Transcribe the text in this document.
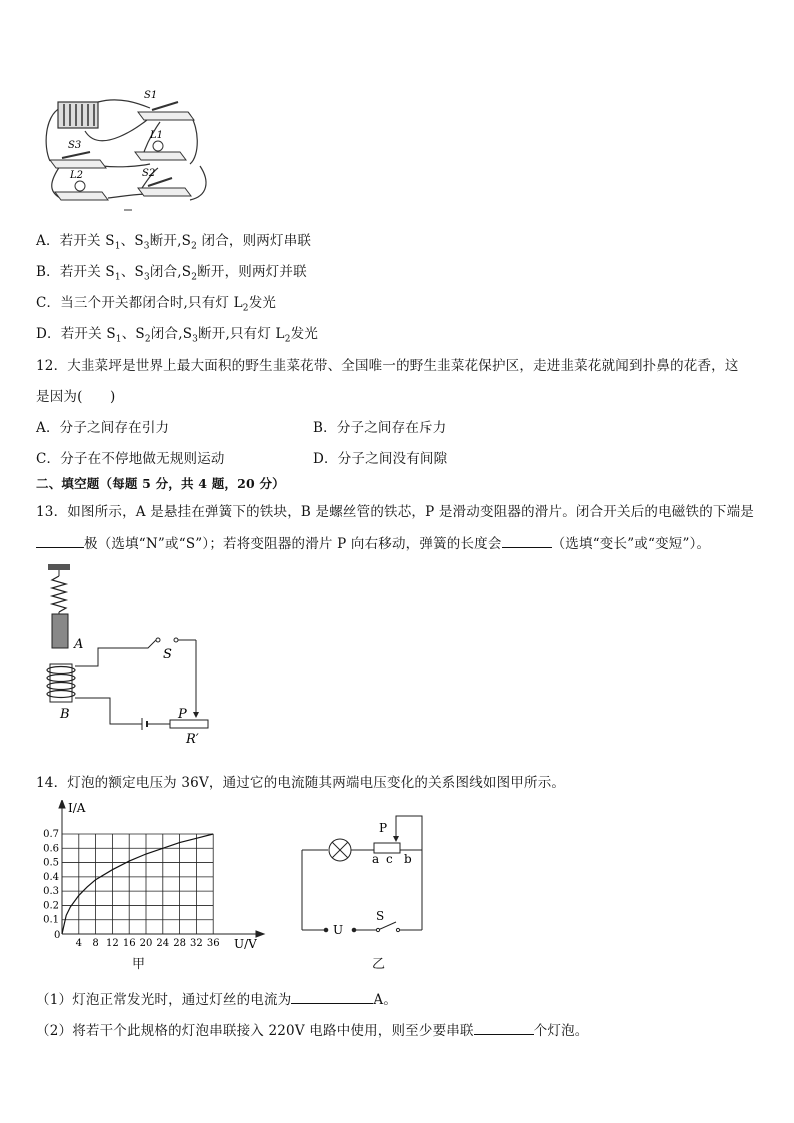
S1
L1
S3
L2	S2
A．若开关 $S_1$、$S_3$断开$,S_2$ 闭合，则两灯串联
B．若开关 $S_1$、$S_3$闭合$,S_2$断开，则两灯并联
C．当三个开关都闭合时,只有灯 $L_2$发光
D．若开关 $S_1$、$S_2$闭合$,S_3$断开,只有灯 $L_2$发光
12．大韭菜坪是世界上最大面积的野生韭菜花带、全国唯一的野生韭菜花保护区，走进韭菜花就闻到扑鼻的花香，这
是因为(　　)
A．分子之间存在引力	B．分子之间存在斥力
C．分子在不停地做无规则运动	D．分子之间没有间隙
二、填空题（每题 5 分，共 4 题，20 分）
13．如图所示，A 是悬挂在弹簧下的铁块，B 是螺丝管的铁芯，P 是滑动变阻器的滑片。闭合开关后的电磁铁的下端是
极（选填“N”或“S”）；若将变阻器的滑片 P 向右移动，弹簧的长度会	（选填“变长”或“变短”）。
A
B
S
P
R′
14．灯泡的额定电压为 36V，通过它的电流随其两端电压变化的关系图线如图甲所示。
4 8 12 16 20 24 28 32 36
0.1
0.2
0.3
0.4
0.5
0.6
0.7
I/A
U/V
0
甲
P
a c b
U
S
乙
（1）灯泡正常发光时，通过灯丝的电流为	A。
（2）将若干个此规格的灯泡串联接入 220V 电路中使用，则至少要串联	个灯泡。
